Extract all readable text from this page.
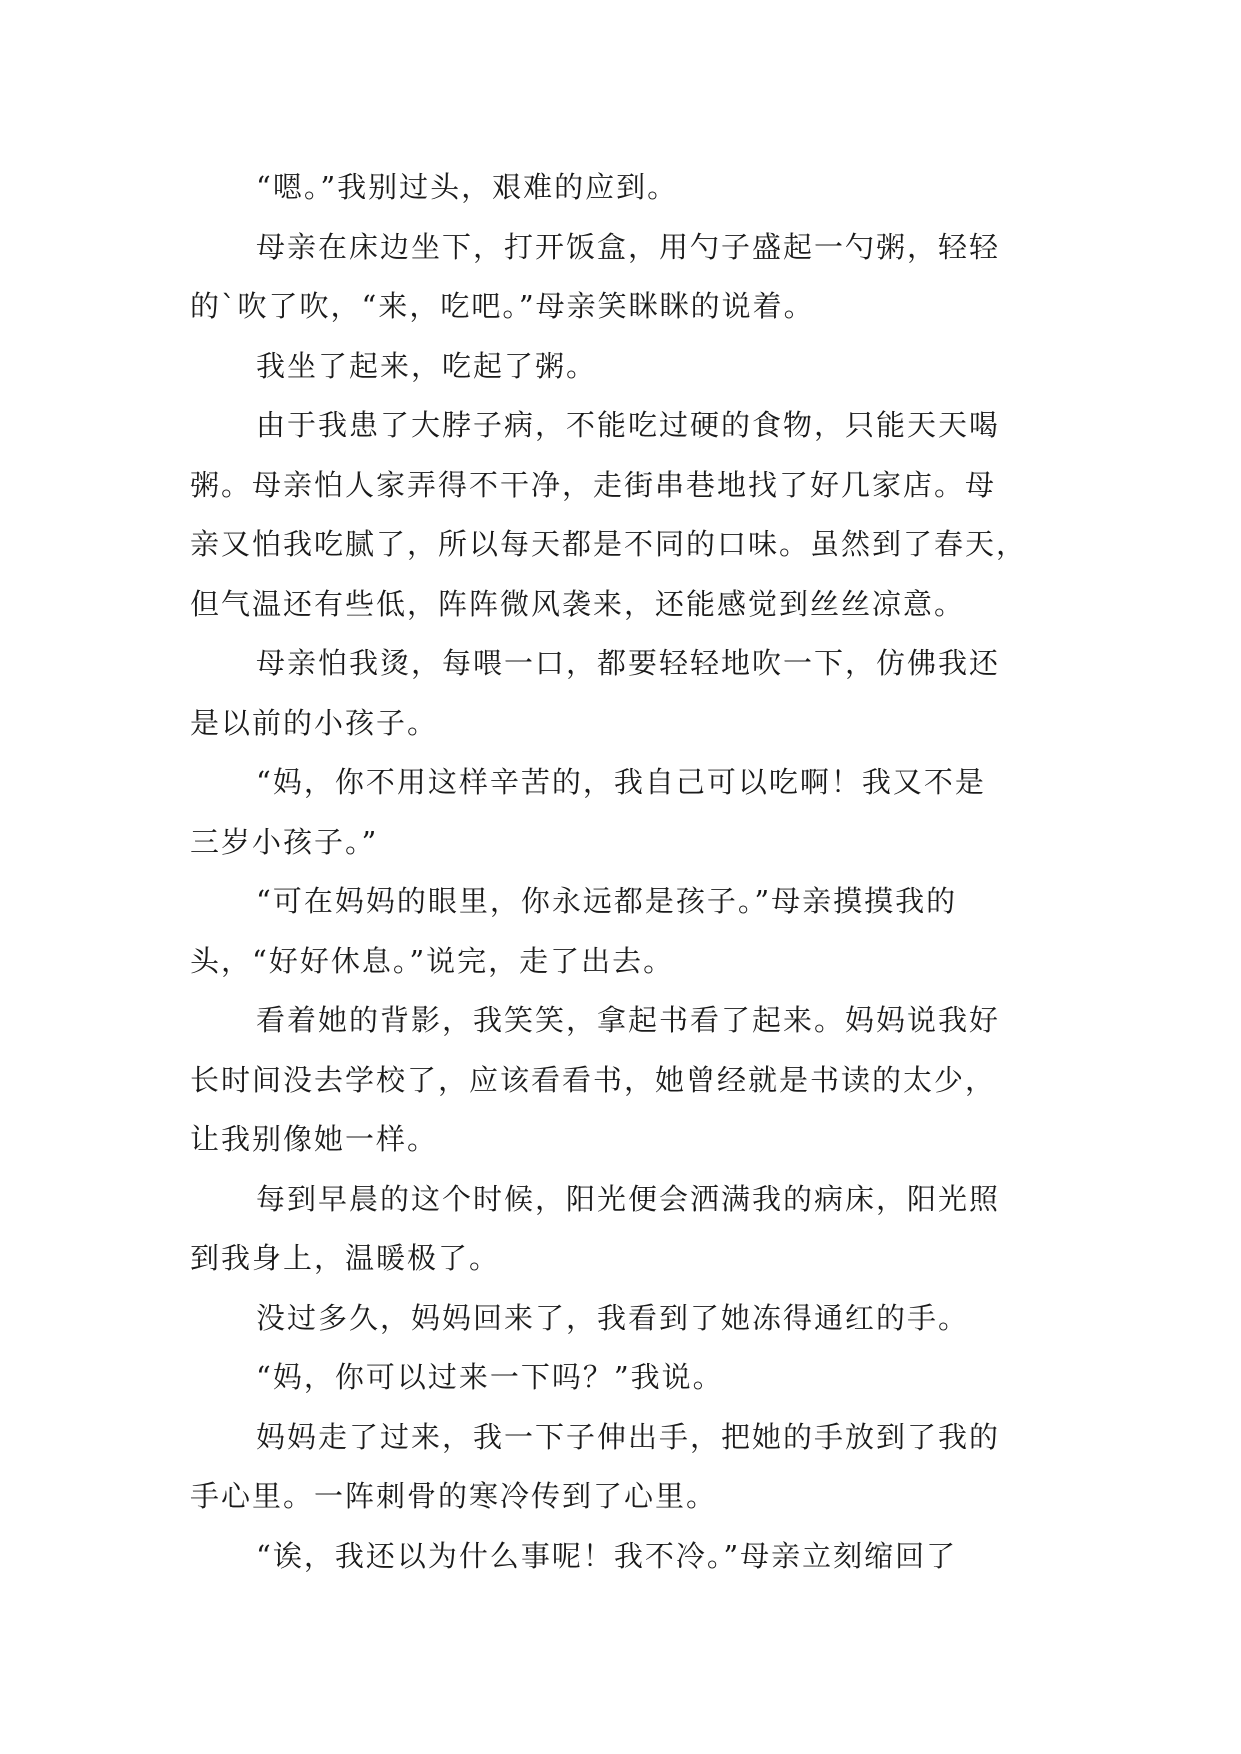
“嗯。”我别过头，艰难的应到。
母亲在床边坐下，打开饭盒，用勺子盛起一勺粥，轻轻
的`吹了吹，“来，吃吧。”母亲笑眯眯的说着。
我坐了起来，吃起了粥。
由于我患了大脖子病，不能吃过硬的食物，只能天天喝
粥。母亲怕人家弄得不干净，走街串巷地找了好几家店。母
亲又怕我吃腻了，所以每天都是不同的口味。虽然到了春天，
但气温还有些低，阵阵微风袭来，还能感觉到丝丝凉意。
母亲怕我烫，每喂一口，都要轻轻地吹一下，仿佛我还
是以前的小孩子。
“妈，你不用这样辛苦的，我自己可以吃啊！我又不是
三岁小孩子。”
“可在妈妈的眼里，你永远都是孩子。”母亲摸摸我的
头，“好好休息。”说完，走了出去。
看着她的背影，我笑笑，拿起书看了起来。妈妈说我好
长时间没去学校了，应该看看书，她曾经就是书读的太少，
让我别像她一样。
每到早晨的这个时候，阳光便会洒满我的病床，阳光照
到我身上，温暖极了。
没过多久，妈妈回来了，我看到了她冻得通红的手。
“妈，你可以过来一下吗？”我说。
妈妈走了过来，我一下子伸出手，把她的手放到了我的
手心里。一阵刺骨的寒冷传到了心里。
“诶，我还以为什么事呢！我不冷。”母亲立刻缩回了
